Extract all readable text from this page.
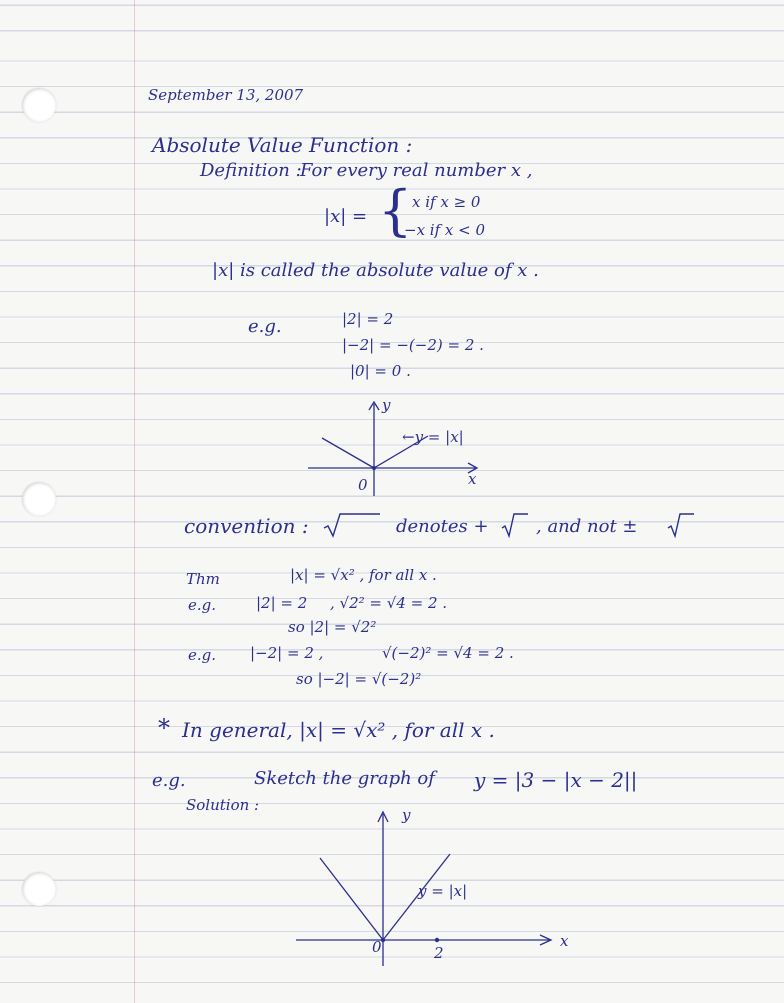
September 13, 2007
Absolute Value Function :
Definition :
For every real number x ,
|x| = { x if x ≥ 0
−x if x < 0
|x| is called the absolute value of x .
e.g.	|2| = 2
|−2| = −(−2) = 2 .
|0| = 0 .
y
x
0
←y = |x|
convention :	denotes +	, and not ±
Thm	|x| = √x² , for all x .
e.g.	|2| = 2 , √2² = √4 = 2 .
so |2| = √2²
e.g. |−2| = 2 ,	√(−2)² = √4 = 2 .
so |−2| = √(−2)²
* In general, |x| = √x² , for all x .
e.g.	Sketch the graph of y = |3 − |x − 2||
Solution :
y
x
0	2
y = |x|
